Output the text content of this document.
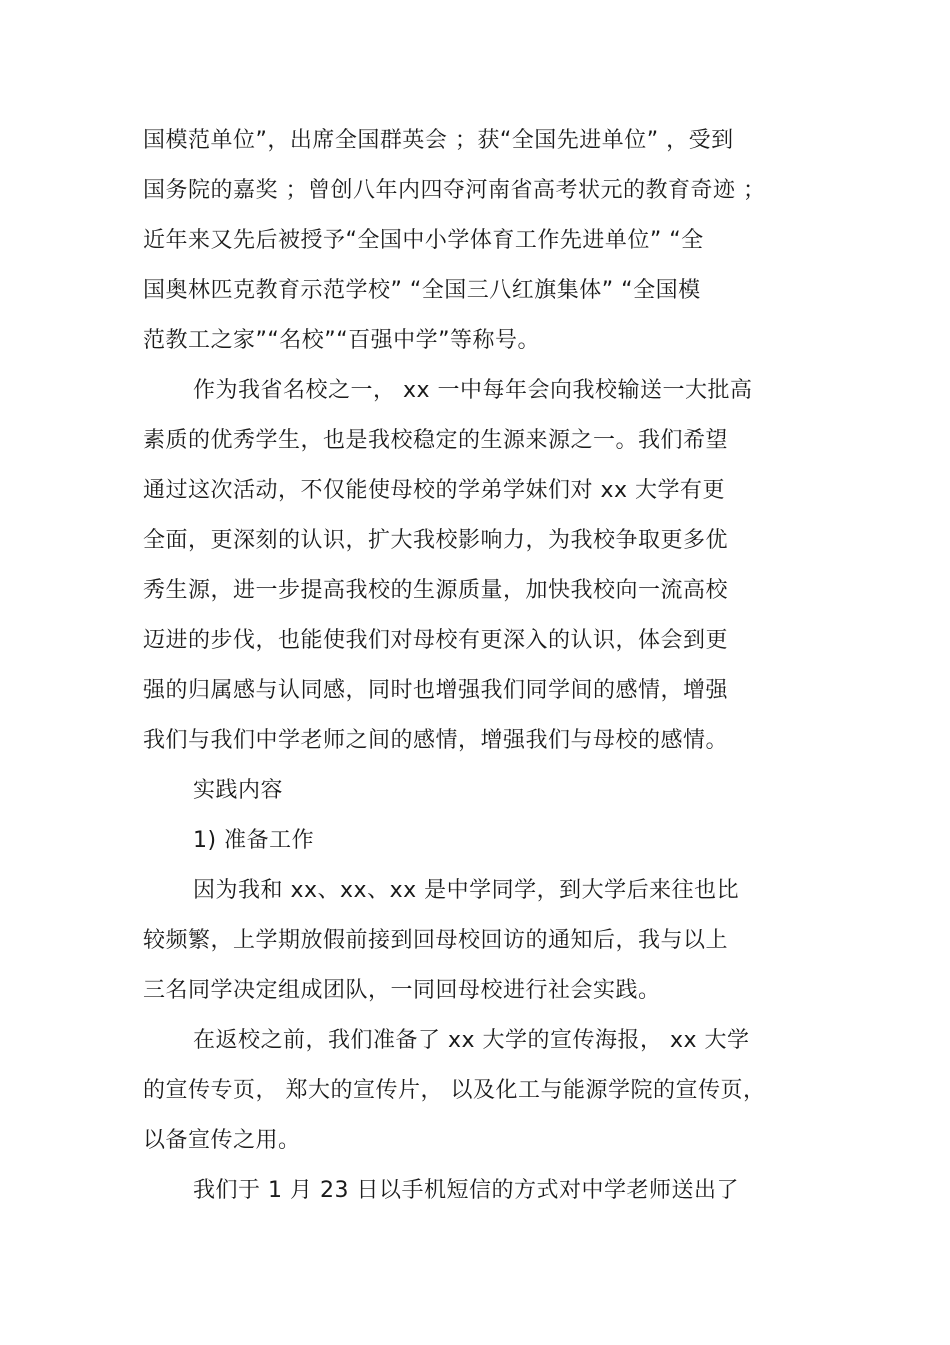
国模范单位”，出席全国群英会 ；获“全国先进单位” ，受到
国务院的嘉奖 ；曾创八年内四夺河南省高考状元的教育奇迹 ；
近年来又先后被授予“全国中小学体育工作先进单位” “全
国奥林匹克教育示范学校” “全国三八红旗集体” “全国模
范教工之家”“名校”“百强中学”等称号。
作为我省名校之一， xx 一中每年会向我校输送一大批高
素质的优秀学生，也是我校稳定的生源来源之一。我们希望
通过这次活动，不仅能使母校的学弟学妹们对 xx 大学有更
全面，更深刻的认识，扩大我校影响力，为我校争取更多优
秀生源，进一步提高我校的生源质量，加快我校向一流高校
迈进的步伐，也能使我们对母校有更深入的认识，体会到更
强的归属感与认同感，同时也增强我们同学间的感情，增强
我们与我们中学老师之间的感情，增强我们与母校的感情。
实践内容
1) 准备工作
因为我和 xx、xx、xx 是中学同学，到大学后来往也比
较频繁，上学期放假前接到回母校回访的通知后，我与以上
三名同学决定组成团队，一同回母校进行社会实践。
在返校之前，我们准备了 xx 大学的宣传海报， xx 大学
的宣传专页， 郑大的宣传片， 以及化工与能源学院的宣传页，
以备宣传之用。
我们于 1 月 23 日以手机短信的方式对中学老师送出了
